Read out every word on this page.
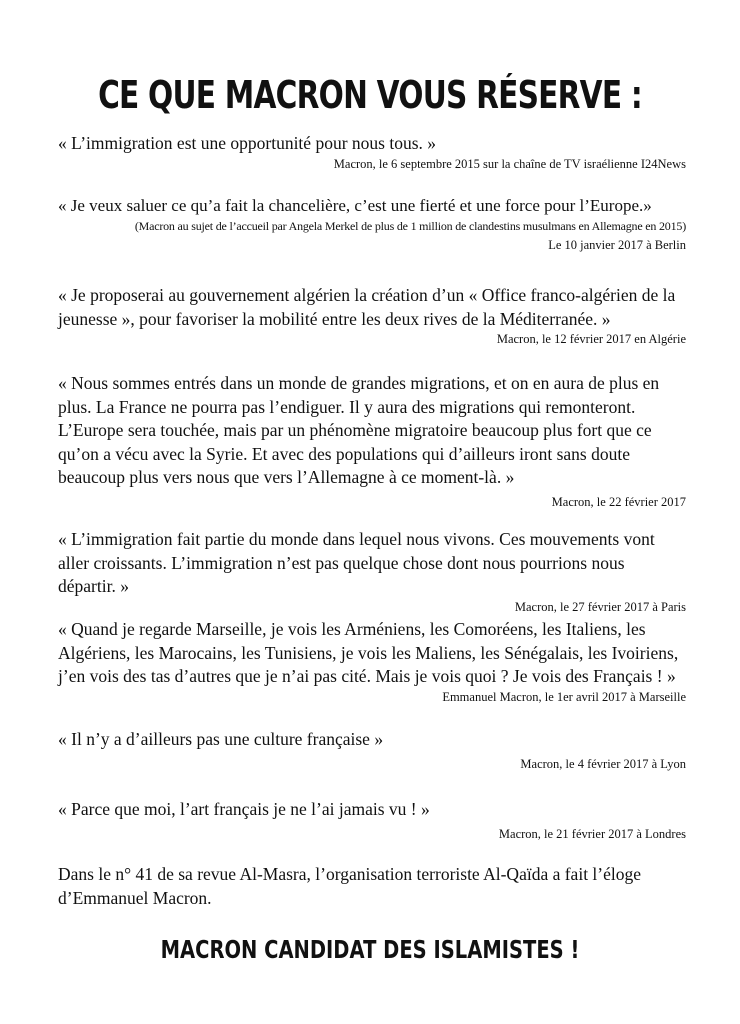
CE QUE MACRON VOUS RÉSERVE :

« L’immigration est une opportunité pour nous tous. »

Macron, le 6 septembre 2015 sur la chaîne de TV israélienne I24News

« Je veux saluer ce qu’a fait la chancelière, c’est une fierté et une force pour l’Europe.»

(Macron au sujet de l’accueil par Angela Merkel de plus de 1 million de clandestins musulmans en Allemagne en 2015)

Le 10 janvier 2017 à Berlin

« Je proposerai au gouvernement algérien la création d’un « Office franco-algérien de la jeunesse », pour favoriser la mobilité entre les deux rives de la Méditerranée. »

Macron, le 12 février 2017 en Algérie

« Nous sommes entrés dans un monde de grandes migrations, et on en aura de plus en plus. La France ne pourra pas l’endiguer. Il y aura des migrations qui remonteront. L’Europe sera touchée, mais par un phénomène migratoire beaucoup plus fort que ce qu’on a vécu avec la Syrie. Et avec des populations qui d’ailleurs iront sans doute beaucoup plus vers nous que vers l’Allemagne à ce moment-là. »

Macron, le 22 février 2017

« L’immigration fait partie du monde dans lequel nous vivons. Ces mouvements vont aller croissants. L’immigration n’est pas quelque chose dont nous pourrions nous départir. »

Macron, le 27 février 2017 à Paris

« Quand je regarde Marseille, je vois les Arméniens, les Comoréens, les Italiens, les Algériens, les Marocains, les Tunisiens, je vois les Maliens, les Sénégalais, les Ivoiriens, j’en vois des tas d’autres que je n’ai pas cité. Mais je vois quoi ? Je vois des Français ! »

Emmanuel Macron, le 1er avril 2017 à Marseille

« Il n’y a d’ailleurs pas une culture française »

Macron, le 4 février 2017 à Lyon

« Parce que moi, l’art français je ne l’ai jamais vu ! »

Macron, le 21 février 2017 à Londres

Dans le n° 41 de sa revue Al-Masra, l’organisation terroriste Al-Qaïda a fait l’éloge d’Emmanuel Macron.

MACRON CANDIDAT DES ISLAMISTES !
